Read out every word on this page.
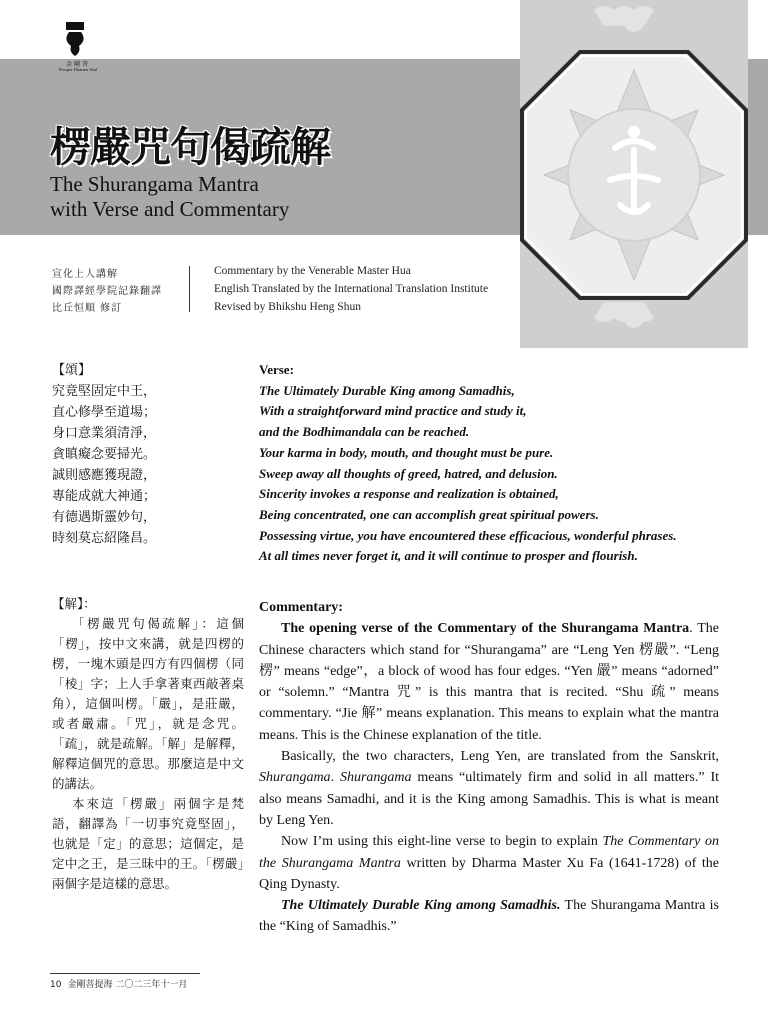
金剛菩
Prosper Dharma Seal
楞嚴咒句偈疏解
The Shurangama Mantra
with Verse and Commentary
宣化上人講解
國際譯經學院記錄翻譯
比丘恒順 修訂
Commentary by the Venerable Master Hua
English Translated by the International Translation Institute
Revised by Bhikshu Heng Shun
【頌】
究竟堅固定中王，
直心修學至道場；
身口意業須清淨，
貪瞋癡念要掃光。
誠則感應獲現證，
專能成就大神通；
有德遇斯靈妙句，
時刻莫忘紹隆昌。
Verse:
The Ultimately Durable King among Samadhis,
With a straightforward mind practice and study it,
and the Bodhimandala can be reached.
Your karma in body, mouth, and thought must be pure.
Sweep away all thoughts of greed, hatred, and delusion.
Sincerity invokes a response and realization is obtained,
Being concentrated, one can accomplish great spiritual powers.
Possessing virtue, you have encountered these efficacious, wonderful phrases.
At all times never forget it, and it will continue to prosper and flourish.

【解】：

「楞嚴咒句偈疏解」：這個「楞」，按中文來講，就是四楞的楞，一塊木頭是四方有四個楞（同「棱」字；上人手拿著東西敲著桌角），這個叫楞。「嚴」，是莊嚴，或者嚴肅。「咒」，就是念咒。「疏」，就是疏解。「解」是解釋，解釋這個咒的意思。那麼這是中文的講法。

本來這「楞嚴」兩個字是梵語，翻譯為「一切事究竟堅固」，也就是「定」的意思；這個定，是定中之王，是三昧中的王。「楞嚴」兩個字是這樣的意思。

Commentary:

The opening verse of the Commentary of the Shurangama Mantra. The Chinese characters which stand for “Shurangama” are “Leng Yen 楞嚴”. “Leng 楞” means “edge”，a block of wood has four edges. “Yen 嚴” means “adorned” or “solemn.” “Mantra 咒” is this mantra that is recited. “Shu 疏” means commentary. “Jie 解” means explanation. This means to explain what the mantra means. This is the Chinese explanation of the title.

Basically, the two characters, Leng Yen, are translated from the Sanskrit, Shurangama. Shurangama means “ultimately firm and solid in all matters.” It also means Samadhi, and it is the King among Samadhis. This is what is meant by Leng Yen.

Now I’m using this eight-line verse to begin to explain The Commentary on the Shurangama Mantra written by Dharma Master Xu Fa (1641-1728) of the Qing Dynasty.

The Ultimately Durable King among Samadhis. The Shurangama Mantra is the “King of Samadhis.”

10 金剛菩提海 二〇二三年十一月
